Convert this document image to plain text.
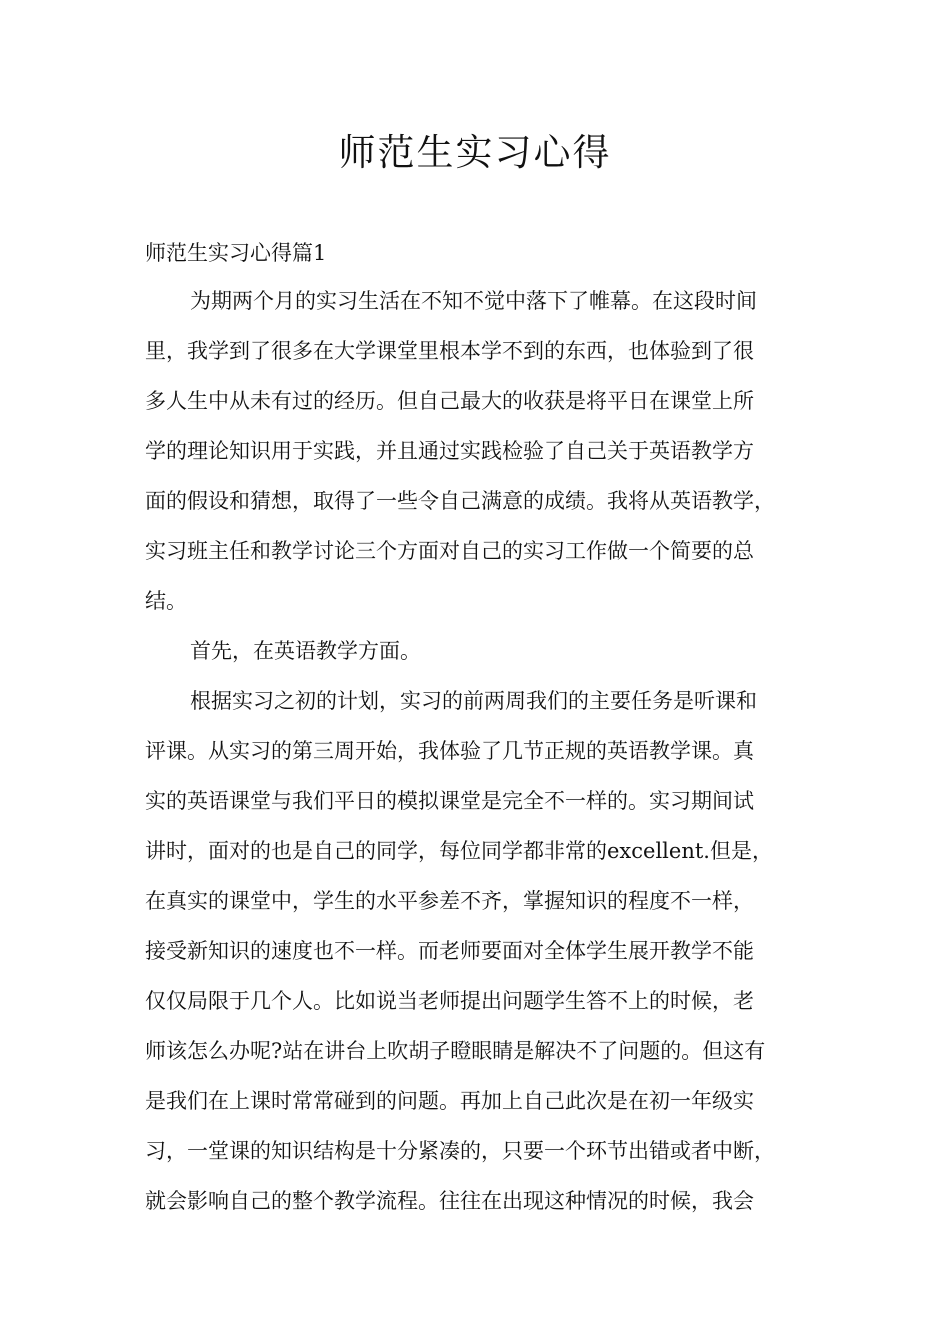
师范生实习心得
师范生实习心得篇1
为期两个月的实习生活在不知不觉中落下了帷幕。在这段时间
里，我学到了很多在大学课堂里根本学不到的东西，也体验到了很
多人生中从未有过的经历。但自己最大的收获是将平日在课堂上所
学的理论知识用于实践，并且通过实践检验了自己关于英语教学方
面的假设和猜想，取得了一些令自己满意的成绩。我将从英语教学，
实习班主任和教学讨论三个方面对自己的实习工作做一个简要的总
结。
首先，在英语教学方面。
根据实习之初的计划，实习的前两周我们的主要任务是听课和
评课。从实习的第三周开始，我体验了几节正规的英语教学课。真
实的英语课堂与我们平日的模拟课堂是完全不一样的。实习期间试
讲时，面对的也是自己的同学，每位同学都非常的excellent.但是，
在真实的课堂中，学生的水平参差不齐，掌握知识的程度不一样，
接受新知识的速度也不一样。而老师要面对全体学生展开教学不能
仅仅局限于几个人。比如说当老师提出问题学生答不上的时候，老
师该怎么办呢?站在讲台上吹胡子瞪眼睛是解决不了问题的。但这有
是我们在上课时常常碰到的问题。再加上自己此次是在初一年级实
习，一堂课的知识结构是十分紧凑的，只要一个环节出错或者中断，
就会影响自己的整个教学流程。往往在出现这种情况的时候，我会
